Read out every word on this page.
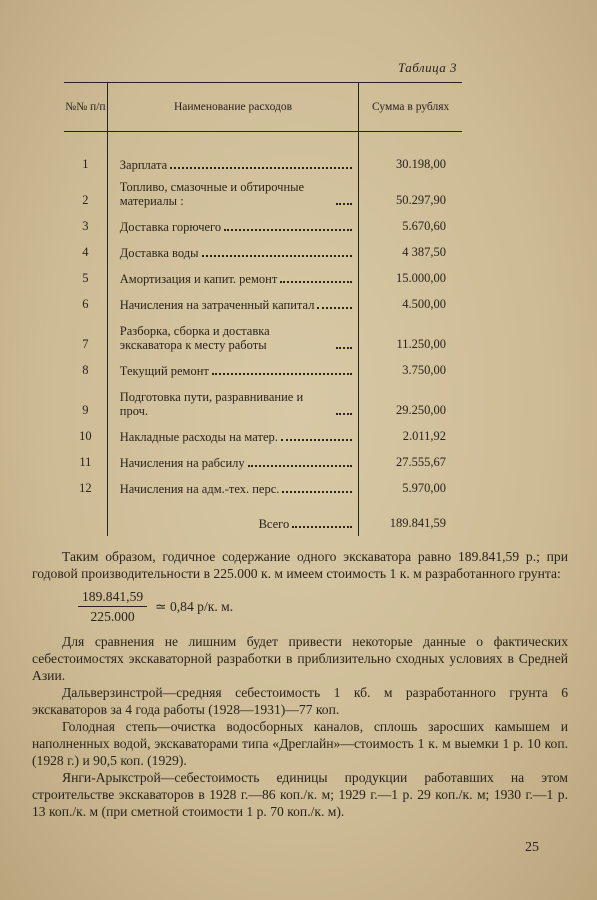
Таблица 3
№№ п/п	Наименование расходов	Сумма в рублях

1	Зарплата	30.198,00
2	Топливо, смазочные и обтирочные материалы :	50.297,90
3	Доставка горючего	5.670,60
4	Доставка воды	4 387,50
5	Амортизация и капит. ремонт	15.000,00
6	Начисления на затраченный капитал	4.500,00
7	Разборка, сборка и доставка экскаватора к месту работы	11.250,00
8	Текущий ремонт	3.750,00
9	Подготовка пути, разравнивание и проч.	29.250,00
10	Накладные расходы на матер.	2.011,92
11	Начисления на рабсилу	27.555,67
12	Начисления на адм.-тех. перс.	5.970,00

	Всего	189.841,59

Таким образом, годичное содержание одного экскаватора равно 189.841,59 р.; при годовой производительности в 225.000 к. м имеем стоимость 1 к. м разработанного грунта:

$\frac{189.841,59}{225.000}$ ≃ 0,84 р/к. м.

Для сравнения не лишним будет привести некоторые данные о фактических себестоимостях экскаваторной разработки в приблизительно сходных условиях в Средней Азии.

Дальверзинстрой—средняя себестоимость 1 кб. м разработанного грунта 6 экскаваторов за 4 года работы (1928—1931)—77 коп.

Голодная степь—очистка водосборных каналов, сплошь заросших камышем и наполненных водой, экскаваторами типа «Дреглайн»—стоимость 1 к. м выемки 1 р. 10 коп. (1928 г.) и 90,5 коп. (1929).

Янги-Арыкстрой—себестоимость единицы продукции работавших на этом строительстве экскаваторов в 1928 г.—86 коп./к. м; 1929 г.—1 р. 29 коп./к. м; 1930 г.—1 р. 13 коп./к. м (при сметной стоимости 1 р. 70 коп./к. м).

25
